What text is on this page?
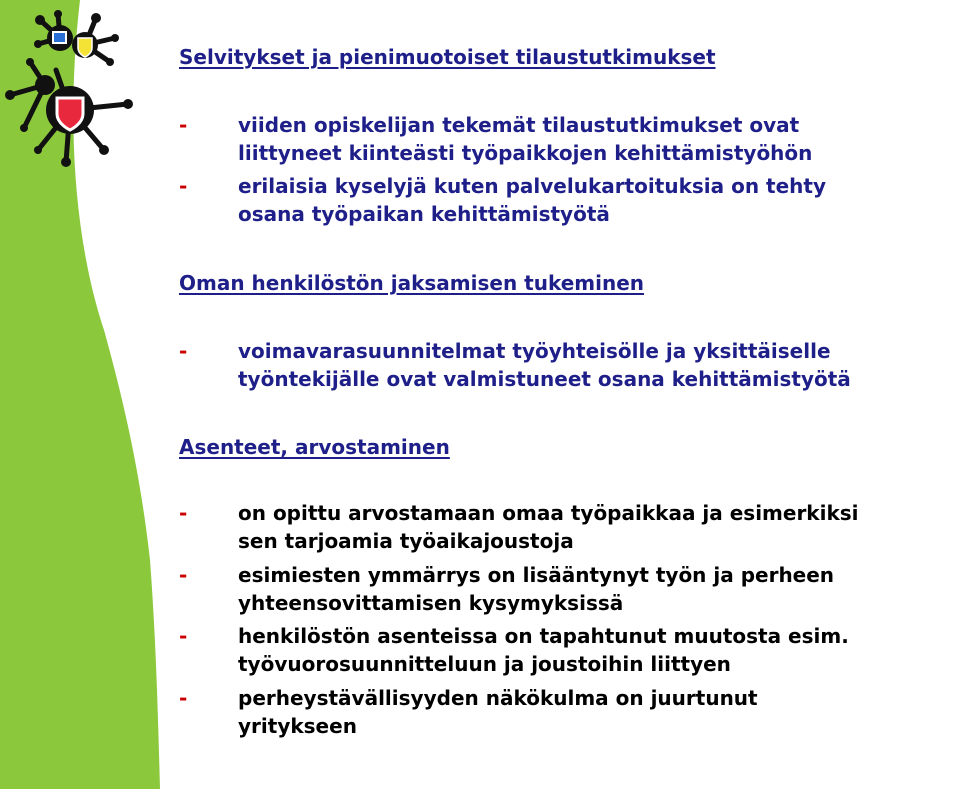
Selvitykset ja pienimuotoiset tilaustutkimukset
-	viiden opiskelijan tekemät tilaustutkimukset ovat
liittyneet kiinteästi työpaikkojen kehittämistyöhön
-	erilaisia kyselyjä kuten palvelukartoituksia on tehty
osana työpaikan kehittämistyötä
Oman henkilöstön jaksamisen tukeminen
-	voimavarasuunnitelmat työyhteisölle ja yksittäiselle
työntekijälle ovat valmistuneet osana kehittämistyötä
Asenteet, arvostaminen
-	on opittu arvostamaan omaa työpaikkaa ja esimerkiksi
sen tarjoamia työaikajoustoja
-	esimiesten ymmärrys on lisääntynyt työn ja perheen
yhteensovittamisen kysymyksissä
-	henkilöstön asenteissa on tapahtunut muutosta esim.
työvuorosuunnitteluun ja joustoihin liittyen
-	perheystävällisyyden näkökulma on juurtunut
yritykseen
